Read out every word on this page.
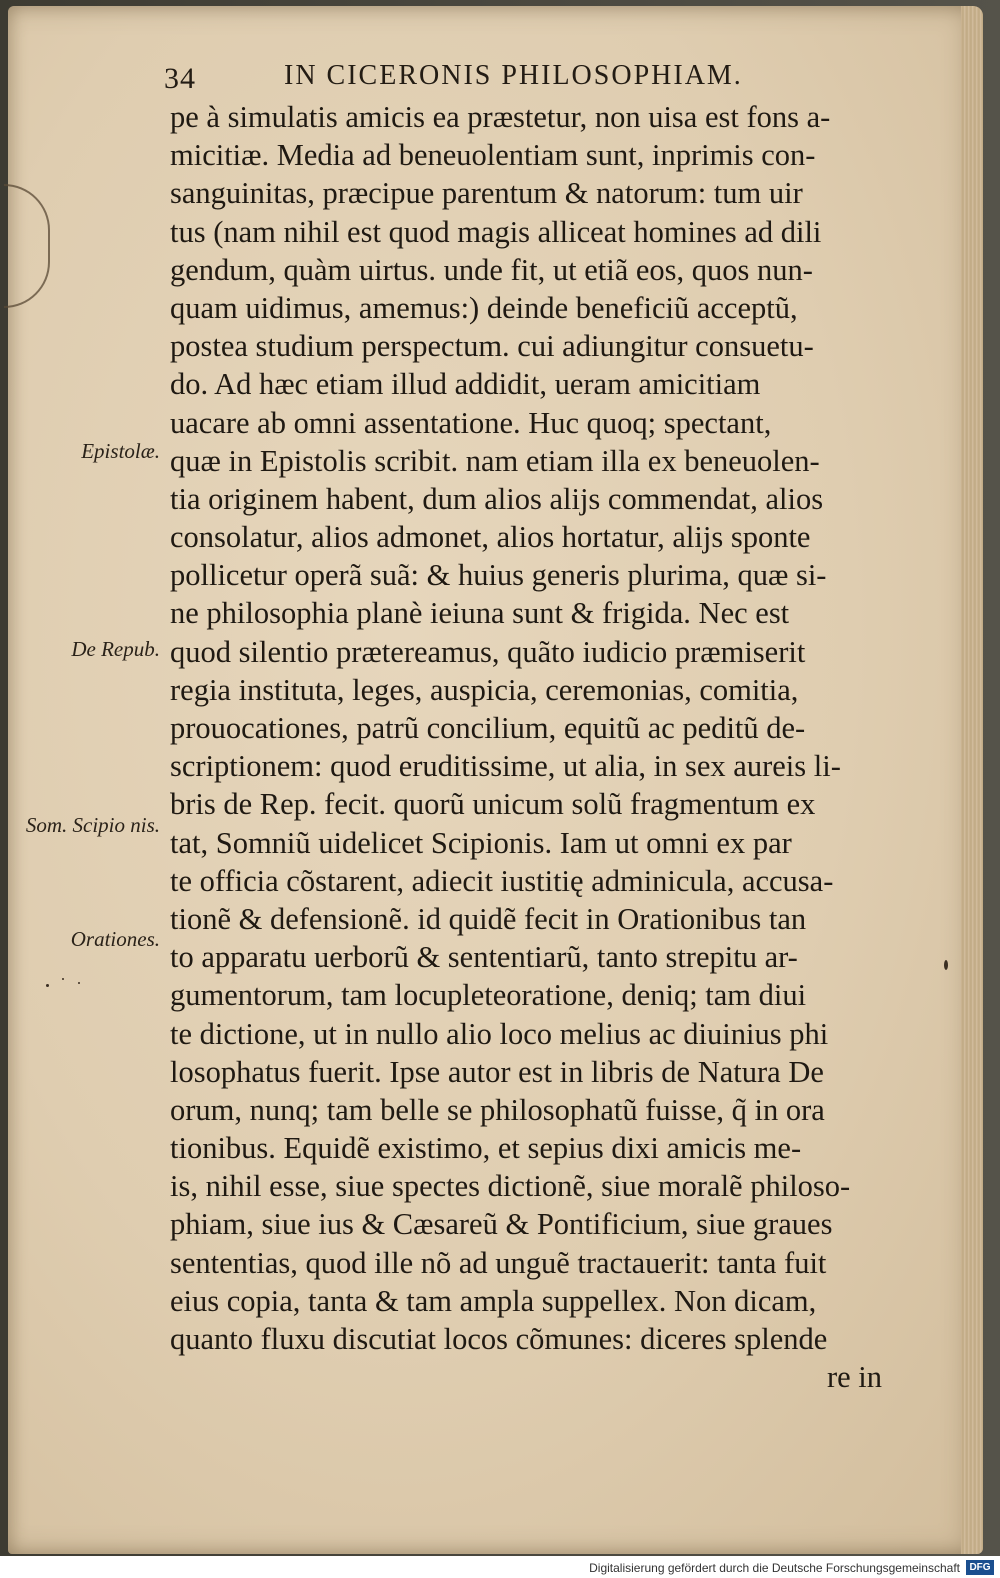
34	IN CICERONIS PHILOSOPHIAM.
pe à simulatis amicis ea præstetur, non uisa est fons a-
micitiæ. Media ad beneuolentiam sunt, inprimis con-
sanguinitas, præcipue parentum & natorum: tum uir
tus (nam nihil est quod magis alliceat homines ad dili
gendum, quàm uirtus. unde fit, ut etiã eos, quos nun-
quam uidimus, amemus:) deinde beneficiũ acceptũ,
postea studium perspectum. cui adiungitur consuetu-
do. Ad hæc etiam illud addidit, ueram amicitiam
uacare ab omni assentatione. Huc quoq; spectant,
quæ in Epistolis scribit. nam etiam illa ex beneuolen-
tia originem habent, dum alios alijs commendat, alios
consolatur, alios admonet, alios hortatur, alijs sponte
pollicetur operã suã: & huius generis plurima, quæ si-
ne philosophia planè ieiuna sunt & frigida. Nec est
quod silentio prætereamus, quãto iudicio præmiserit
regia instituta, leges, auspicia, ceremonias, comitia,
prouocationes, patrũ concilium, equitũ ac peditũ de-
scriptionem: quod eruditissime, ut alia, in sex aureis li-
bris de Rep. fecit. quorũ unicum solũ fragmentum ex
tat, Somniũ uidelicet Scipionis. Iam ut omni ex par
te officia cõstarent, adiecit iustitię adminicula, accusa-
tionẽ & defensionẽ. id quidẽ fecit in Orationibus tan
to apparatu uerborũ & sententiarũ, tanto strepitu ar-
gumentorum, tam locupleteoratione, deniq; tam diui
te dictione, ut in nullo alio loco melius ac diuinius phi
losophatus fuerit. Ipse autor est in libris de Natura De
orum, nunq; tam belle se philosophatũ fuisse, q̃ in ora
tionibus. Equidẽ existimo, et sepius dixi amicis me-
is, nihil esse, siue spectes dictionẽ, siue moralẽ philoso-
phiam, siue ius & Cæsareũ & Pontificium, siue graues
sententias, quod ille nõ ad unguẽ tractauerit: tanta fuit
eius copia, tanta & tam ampla suppellex. Non dicam,
quanto fluxu discutiat locos cõmunes: diceres splende
re in
Epistolæ.
De Repub.
Som. Scipio nis.
Orationes.
Digitalisierung gefördert durch die Deutsche Forschungsgemeinschaft DFG
